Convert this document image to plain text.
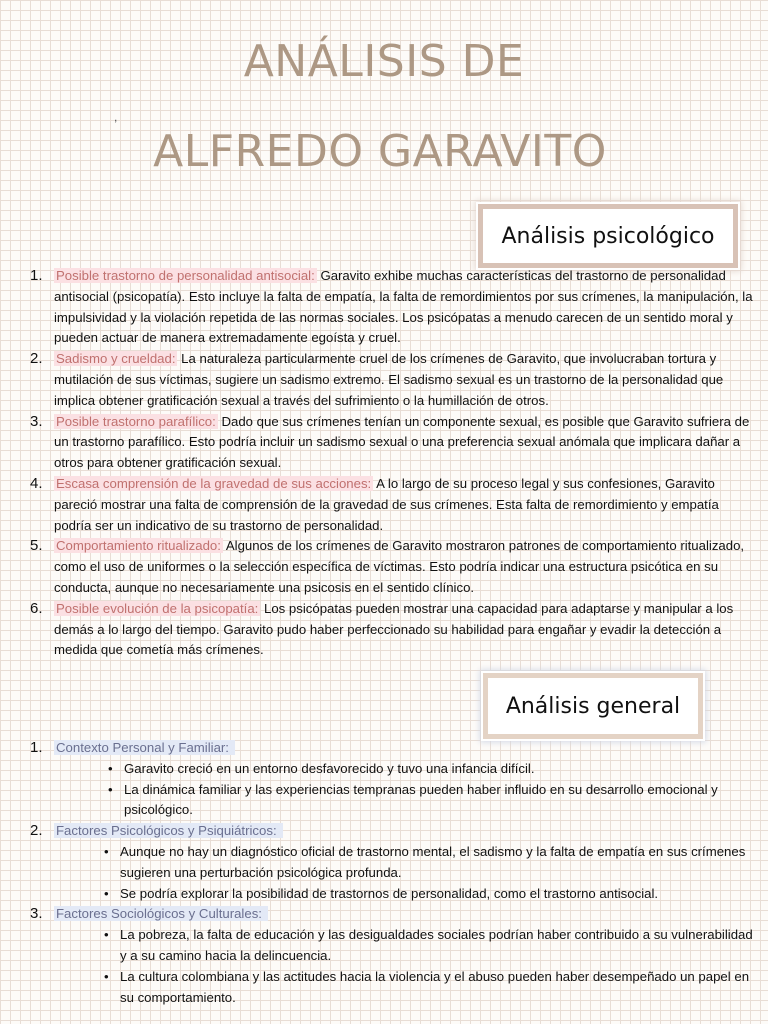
ANÁLISIS DE
,
ALFREDO GARAVITO
Análisis psicológico
1. Posible trastorno de personalidad antisocial: Garavito exhibe muchas características del trastorno de personalidad antisocial (psicopatía). Esto incluye la falta de empatía, la falta de remordimientos por sus crímenes, la manipulación, la impulsividad y la violación repetida de las normas sociales. Los psicópatas a menudo carecen de un sentido moral y pueden actuar de manera extremadamente egoísta y cruel.
2. Sadismo y crueldad: La naturaleza particularmente cruel de los crímenes de Garavito, que involucraban tortura y mutilación de sus víctimas, sugiere un sadismo extremo. El sadismo sexual es un trastorno de la personalidad que implica obtener gratificación sexual a través del sufrimiento o la humillación de otros.
3. Posible trastorno parafílico: Dado que sus crímenes tenían un componente sexual, es posible que Garavito sufriera de un trastorno parafílico. Esto podría incluir un sadismo sexual o una preferencia sexual anómala que implicara dañar a otros para obtener gratificación sexual.
4. Escasa comprensión de la gravedad de sus acciones: A lo largo de su proceso legal y sus confesiones, Garavito pareció mostrar una falta de comprensión de la gravedad de sus crímenes. Esta falta de remordimiento y empatía podría ser un indicativo de su trastorno de personalidad.
5. Comportamiento ritualizado: Algunos de los crímenes de Garavito mostraron patrones de comportamiento ritualizado, como el uso de uniformes o la selección específica de víctimas. Esto podría indicar una estructura psicótica en su conducta, aunque no necesariamente una psicosis en el sentido clínico.
6. Posible evolución de la psicopatía: Los psicópatas pueden mostrar una capacidad para adaptarse y manipular a los demás a lo largo del tiempo. Garavito pudo haber perfeccionado su habilidad para engañar y evadir la detección a medida que cometía más crímenes.
Análisis general
1. Contexto Personal y Familiar:
• Garavito creció en un entorno desfavorecido y tuvo una infancia difícil.
• La dinámica familiar y las experiencias tempranas pueden haber influido en su desarrollo emocional y psicológico.
2. Factores Psicológicos y Psiquiátricos:
• Aunque no hay un diagnóstico oficial de trastorno mental, el sadismo y la falta de empatía en sus crímenes sugieren una perturbación psicológica profunda.
• Se podría explorar la posibilidad de trastornos de personalidad, como el trastorno antisocial.
3. Factores Sociológicos y Culturales:
• La pobreza, la falta de educación y las desigualdades sociales podrían haber contribuido a su vulnerabilidad y a su camino hacia la delincuencia.
• La cultura colombiana y las actitudes hacia la violencia y el abuso pueden haber desempeñado un papel en su comportamiento.
